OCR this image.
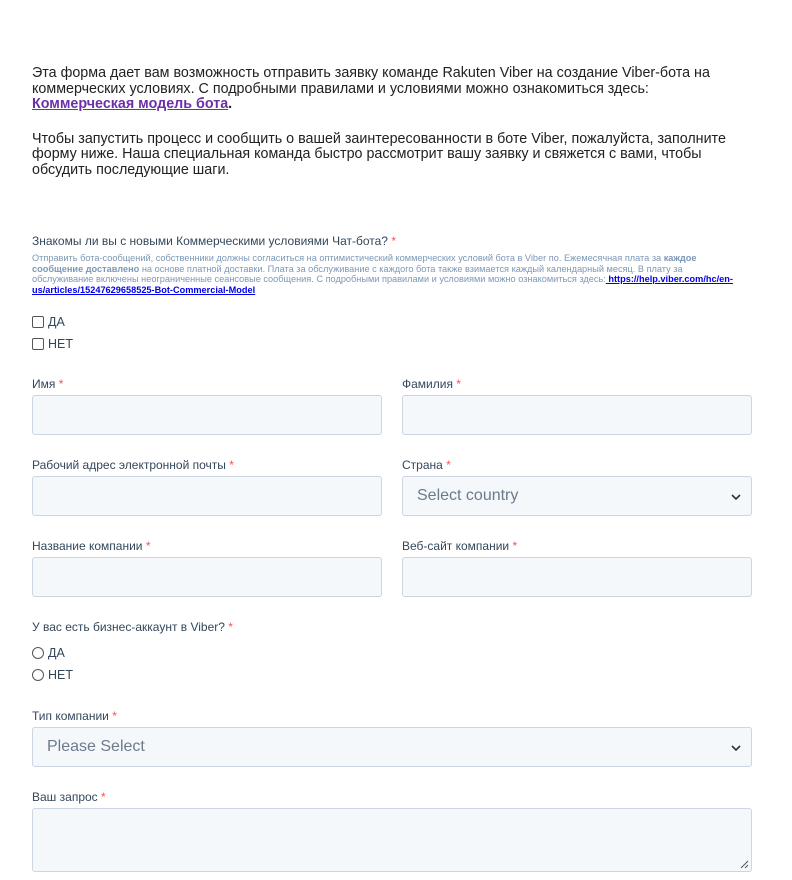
Эта форма дает вам возможность отправить заявку команде Rakuten Viber на создание Viber-бота на коммерческих условиях. С подробными правилами и условиями можно ознакомиться здесь: Коммерческая модель бота.

Чтобы запустить процесс и сообщить о вашей заинтересованности в боте Viber, пожалуйста, заполните форму ниже. Наша специальная команда быстро рассмотрит вашу заявку и свяжется с вами, чтобы обсудить последующие шаги.

Знакомы ли вы с новыми Коммерческими условиями Чат-бота? *
Отправить бота-сообщений, собственники должны согласиться на оптимистический коммерческих условий бота в Viber по. Ежемесячная плата за каждое сообщение доставлено на основе платной доставки. Плата за обслуживание с каждого бота также взимается каждый календарный месяц. В плату за обслуживание включены неограниченные сеансовые сообщения. С подробными правилами и условиями можно ознакомиться здесь: https://help.viber.com/hc/en-us/articles/15247629658525-Bot-Commercial-Model
ДА
НЕТ
Имя *	Фамилия *
Рабочий адрес электронной почты *	Страна *
Select country
Название компании *	Веб-сайт компании *
У вас есть бизнес-аккаунт в Viber? *
ДА
НЕТ
Тип компании *
Please Select
Ваш запрос *
